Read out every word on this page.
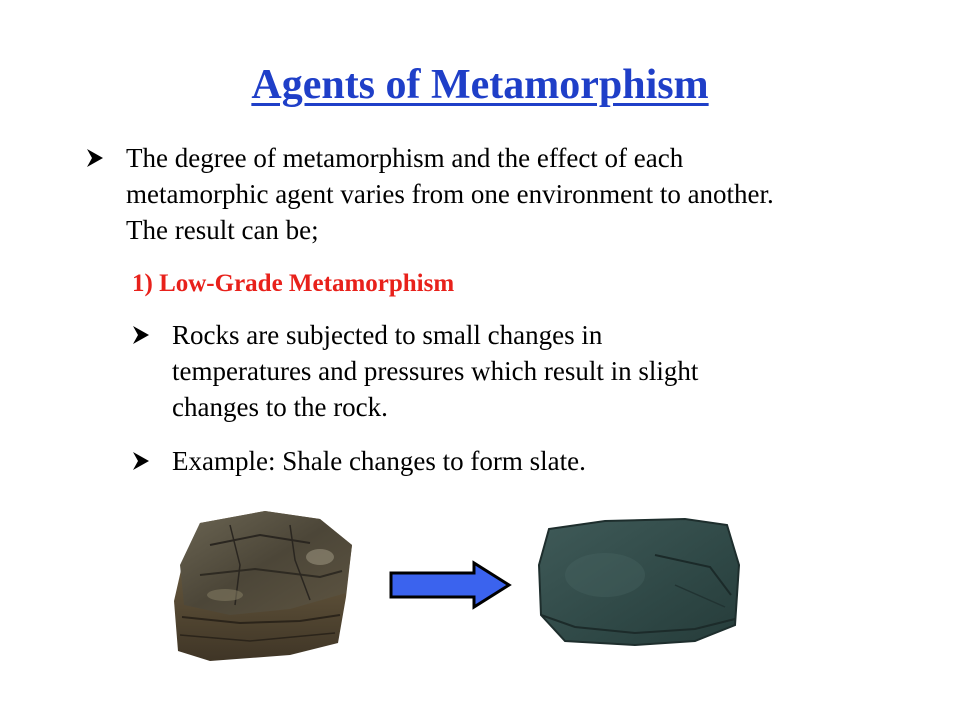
Agents of Metamorphism
The degree of metamorphism and the effect of each metamorphic agent varies from one environment to another. The result can be;
1) Low-Grade Metamorphism
Rocks are subjected to small changes in temperatures and pressures which result in slight changes to the rock.
Example: Shale changes to form slate.
